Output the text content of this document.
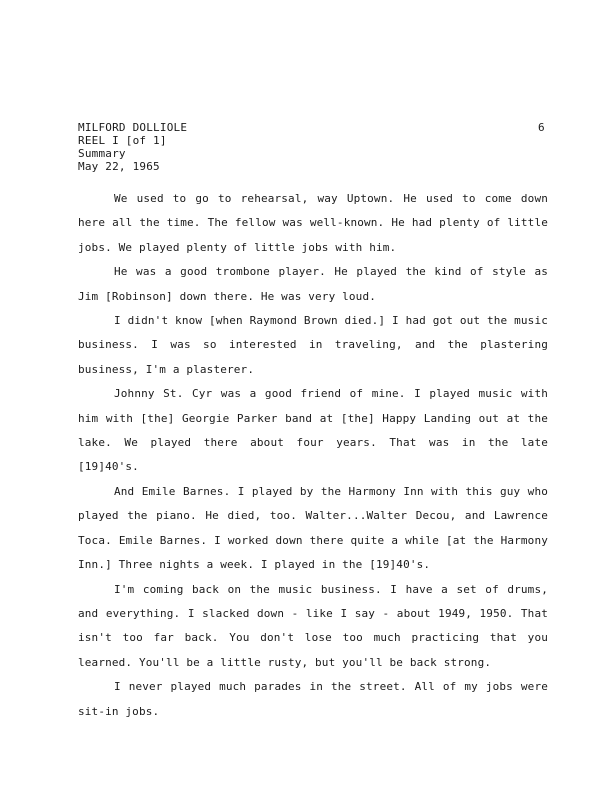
MILFORD DOLLIOLE
REEL I [of 1]
Summary
May 22, 1965
6

We used to go to rehearsal, way Uptown. He used to come down here all the time. The fellow was well-known. He had plenty of little jobs. We played plenty of little jobs with him.

He was a good trombone player. He played the kind of style as Jim [Robinson] down there. He was very loud.

I didn't know [when Raymond Brown died.] I had got out the music business. I was so interested in traveling, and the plastering business, I'm a plasterer.

Johnny St. Cyr was a good friend of mine. I played music with him with [the] Georgie Parker band at [the] Happy Landing out at the lake. We played there about four years. That was in the late [19]40's.

And Emile Barnes. I played by the Harmony Inn with this guy who played the piano. He died, too. Walter...Walter Decou, and Lawrence Toca. Emile Barnes. I worked down there quite a while [at the Harmony Inn.] Three nights a week. I played in the [19]40's.

I'm coming back on the music business. I have a set of drums, and everything. I slacked down - like I say - about 1949, 1950. That isn't too far back. You don't lose too much practicing that you learned. You'll be a little rusty, but you'll be back strong.

I never played much parades in the street. All of my jobs were sit-in jobs.
